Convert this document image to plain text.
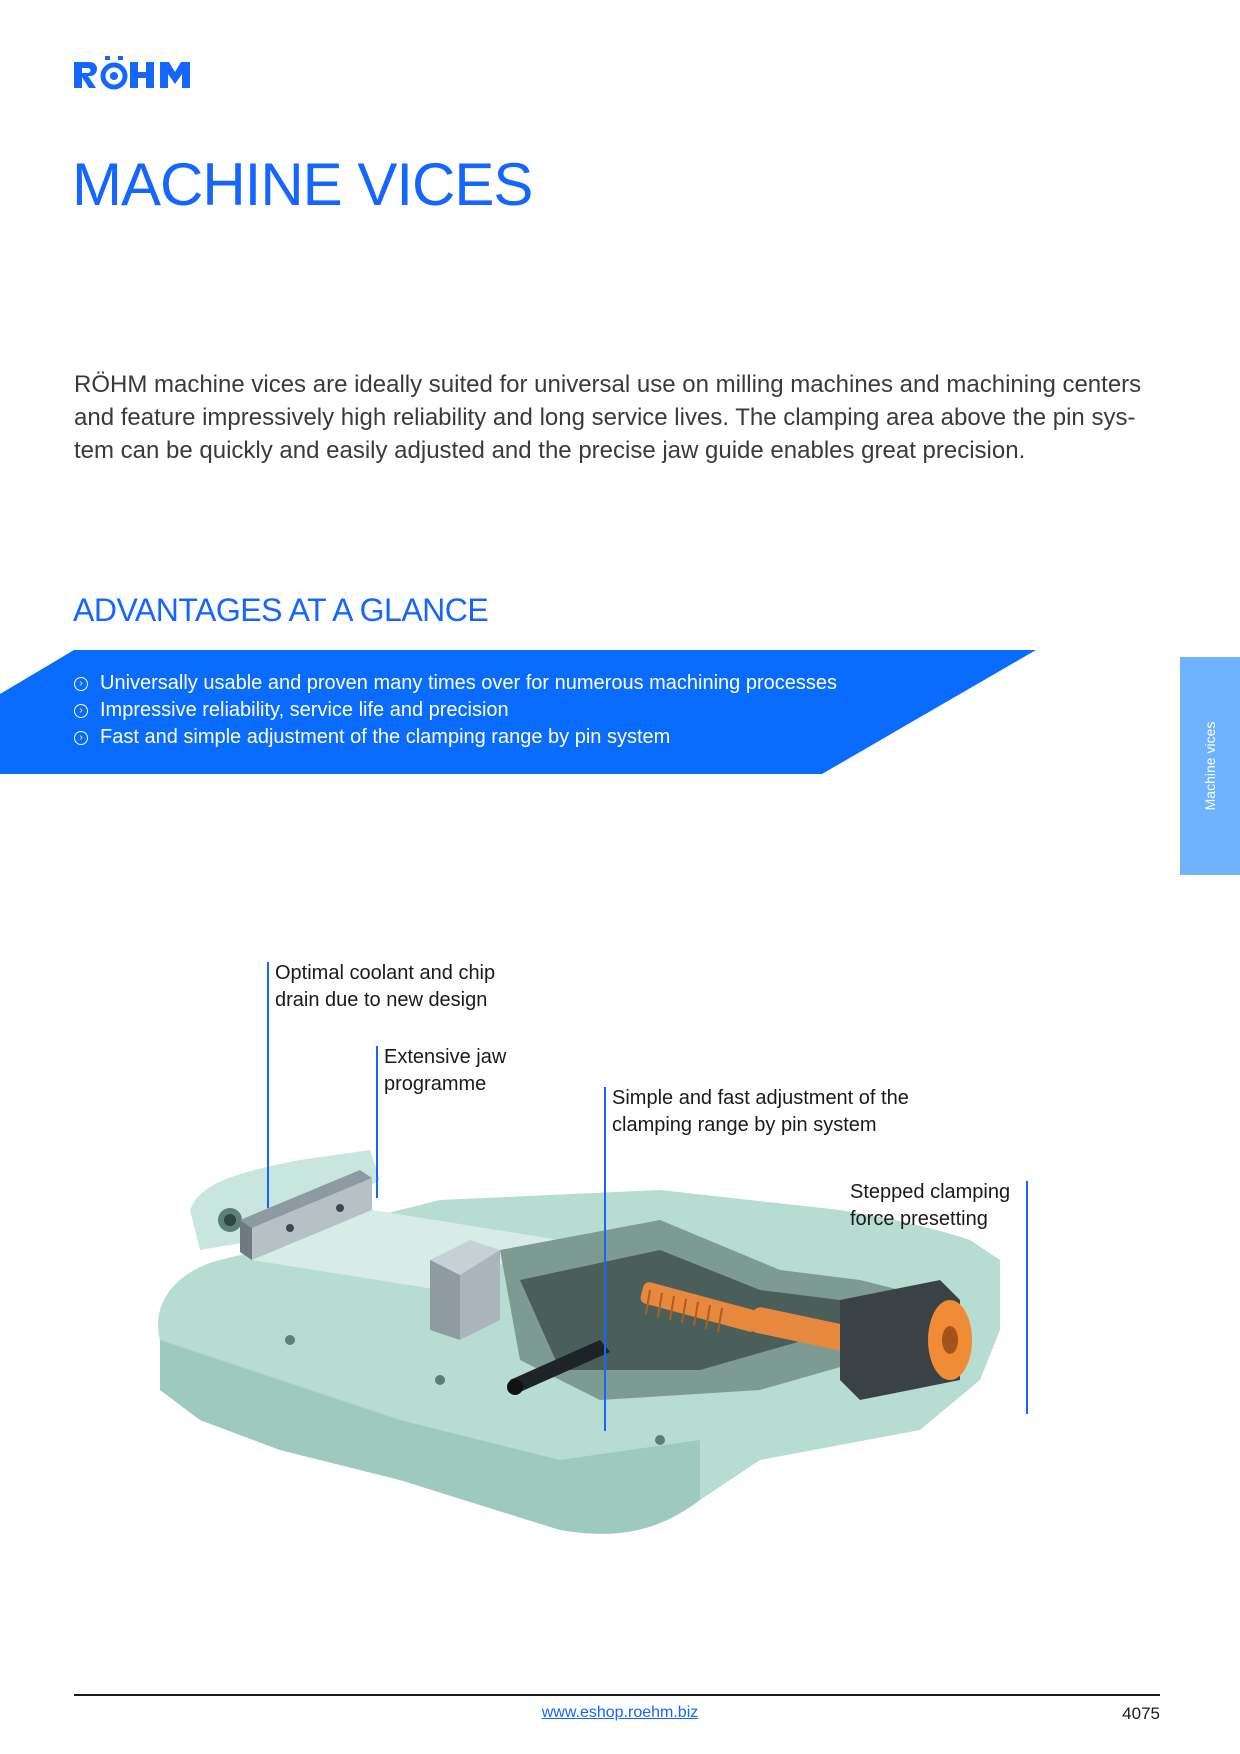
MACHINE VICES

RÖHM machine vices are ideally suited for universal use on milling machines and machining centers and feature impressively high reliability and long service lives. The clamping area above the pin sys-tem can be quickly and easily adjusted and the precise jaw guide enables great precision.

ADVANTAGES AT A GLANCE
› Universally usable and proven many times over for numerous machining processes
› Impressive reliability, service life and precision
› Fast and simple adjustment of the clamping range by pin system	Machine vices

Optimal coolant and chip drain due to new design

Extensive jaw programme

Simple and fast adjustment of the clamping range by pin system

Stepped clamping force presetting

www.eshop.roehm.biz	4075
